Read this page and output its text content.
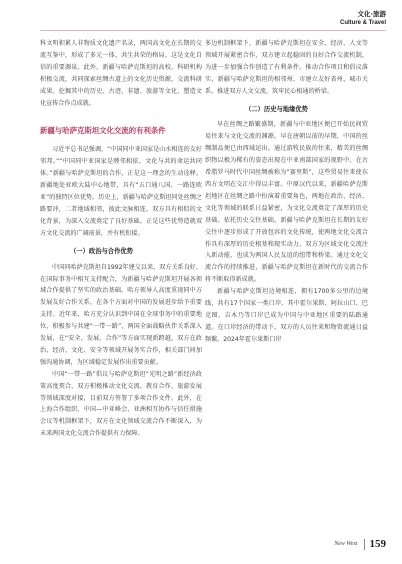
文化·旅游
Culture & Travel

科文明积累人非物质文化遗产名录，两国高文化在长期的交流互鉴中，形成了多元一体、共生共荣的格局。这是文化自信的重要源泉。此外，新疆与哈萨克斯坦的高校、科研机构积极交流，共同探索丝绸古道上的文化历史资源，交流科研成果。挖掘其中的历史、古迹、非遗、旅游等文化，塑造文化宣传合作点成就。

新疆与哈萨克斯坦文化交流的有利条件

习近平总书记强调，“中国同中亚国家是山水相连的友好邻邦。”“中国同中亚国家是睦邻相依、文化与共的命运共同体。”新疆与哈萨克斯坦的合作，正是这一理念的生动诠释。新疆地处亚欧大陆中心地带，具有“五口通八国、一路连欧亚”的独特区位优势。历史上，新疆与哈萨克斯坦同处丝绸之路要冲，二者地域相邻，彼此文脉相连，双方具有相似的文化背景，为深入交流奠定了良好基础。正是这些优势造就双方文化交流的广阔前景，并有机衔接。

（一）政治与合作优势

中国同哈萨克斯坦自1992年建交以来，双方关系良好，在国际事务中相互支持配合，为新疆与哈萨克斯坦开展各领域合作提供了坚实的政治基础。哈方领导人高度重视同中方发展友好合作关系，在各个方面对中国的发展进步给予重要支持。近年来，哈方充分认识到中国在全球事务中的重要地位，积极参与共建“一带一路”，两国全面战略伙伴关系深入发展，在“安全、发展、合作”等方面实现新跨越，双方在政治、经济、文化、安全等领域开展务实合作，相关部门间加强沟通协调，为区域稳定发展作出重要贡献。

中国“一带一路”倡议与哈萨克斯坦“光明之路”新经济政策高度契合，双方积极推动文化交流、教育合作、旅游发展等领域深度对接，目前双方签署了多项合作文件。此外，在上海合作组织、中国—中亚峰会、亚洲相互协作与信任措施会议等机制框架下，双方在文化领域交流合作不断深入，为未来两国文化交流合作提供有力保障。

多边机制框架下，新疆与哈萨克斯坦在安全、经济、人文等领域开展紧密合作，双方建立起稳固的良好合作交流机制，为进一步加强合作创造了有利条件。推动合作项目和倡议落实，新疆与哈萨克斯坦的相邻州、市建立友好省州、城市关系。推进双方人文交流，筑牢民心相通的桥梁。

（二）历史与地缘优势

早在丝绸之路繁盛期，新疆与中亚地区便已开始民间贸易往来与文化交流的渊源。早在唐朝以前的早期，中国的丝绸制品便已由西域运出。通过游牧民族的往来，精美的丝绸织物以极为稀有的姿态出现在中亚南部国家的视野中。在古希腊罗马时代中国丝绸被称为“赛里斯”，这些贸易往来使东西方文明在交汇中得以丰富。中原汉代以来，新疆哈萨克斯坦地区在丝绸之路中扮演着重要角色，两地在政治、经济、文化等领域的联系日益紧密，为文化交流奠定了深厚的历史基础。依托历史交往基础，新疆与哈萨克斯坦在长期的友好交往中逐步形成了开放包容的文化传统，使两地文化交流合作具有深厚的历史根基和现实动力，双方为区域文化交流注入新动能，也成为两国人民友谊的纽带和桥梁。通过文化交流合作的持续推进，新疆与哈萨克斯坦在新时代的交流合作将不断取得新成就。

新疆与哈萨克斯坦边境相连，拥有1700多公里的边境线，共有17个国家一类口岸，其中霍尔果斯、阿拉山口、巴克图、吉木乃等口岸已成为中国与中亚地区重要的陆路通道。在口岸经济的带动下，双方的人员往来和物资流通日益频繁。2024年霍尔果斯口岸

New West 159
